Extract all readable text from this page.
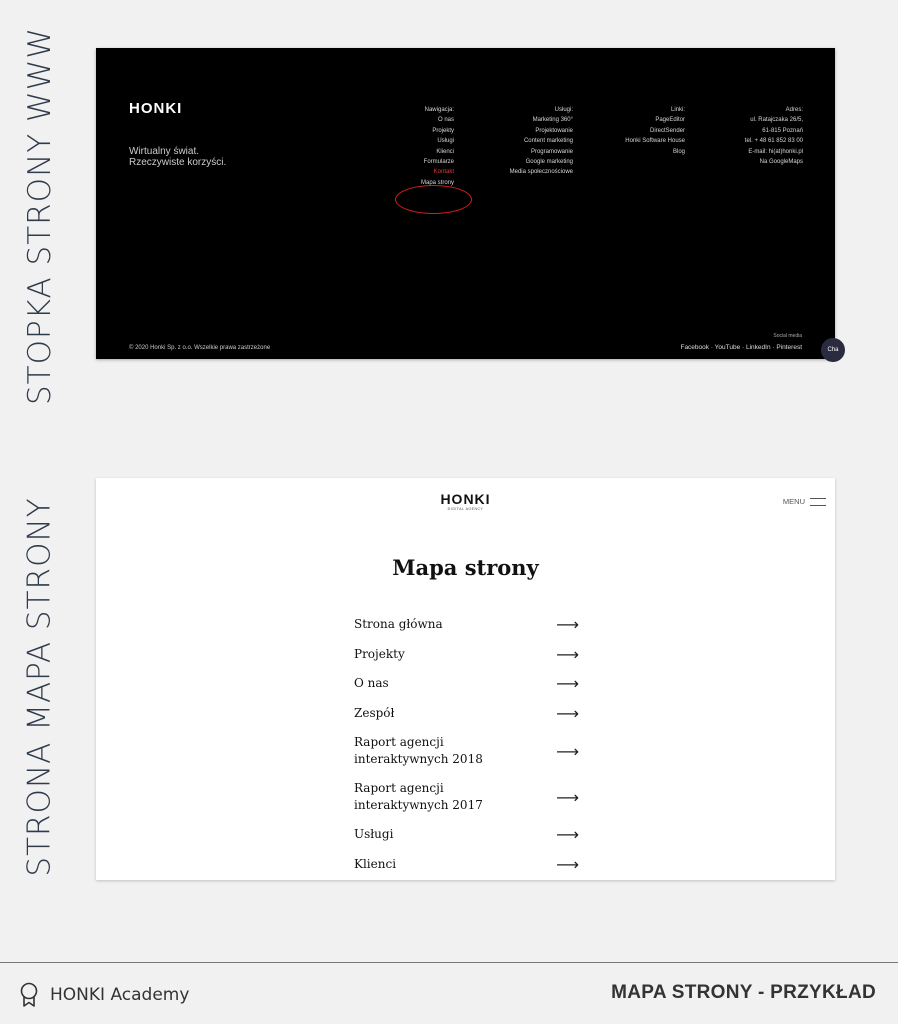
STOPKA STRONY WWW
STRONA MAPA STRONY
HONKI
Wirtualny świat.
Rzeczywiste korzyści.
Nawigacja:
O nas
Projekty
Usługi
Klienci
Formularze
Kontakt
Mapa strony
Usługi:
Marketing 360°
Projektowanie
Content marketing
Programowanie
Google marketing
Media społecznościowe
Linki:
PageEditor
DirectSender
Honki Software House
Blog
Adres:
ul. Ratajczaka 26/5,
61-815 Poznań
tel. + 48 61 852 83 00
E-mail: hi(at)honki.pl
Na GoogleMaps
© 2020 Honki Sp. z o.o. Wszelkie prawa zastrzeżone
Social media
Facebook · YouTube · LinkedIn · Pinterest	Cha
HONKI
DIGITAL AGENCY
MENU
Mapa strony
Strona główna	⟶
Projekty	⟶
O nas	⟶
Zespół	⟶
Raport agencji
interaktywnych 2018	⟶
Raport agencji
interaktywnych 2017	⟶
Usługi	⟶
Klienci	⟶
HONKI Academy	MAPA STRONY - PRZYKŁAD
